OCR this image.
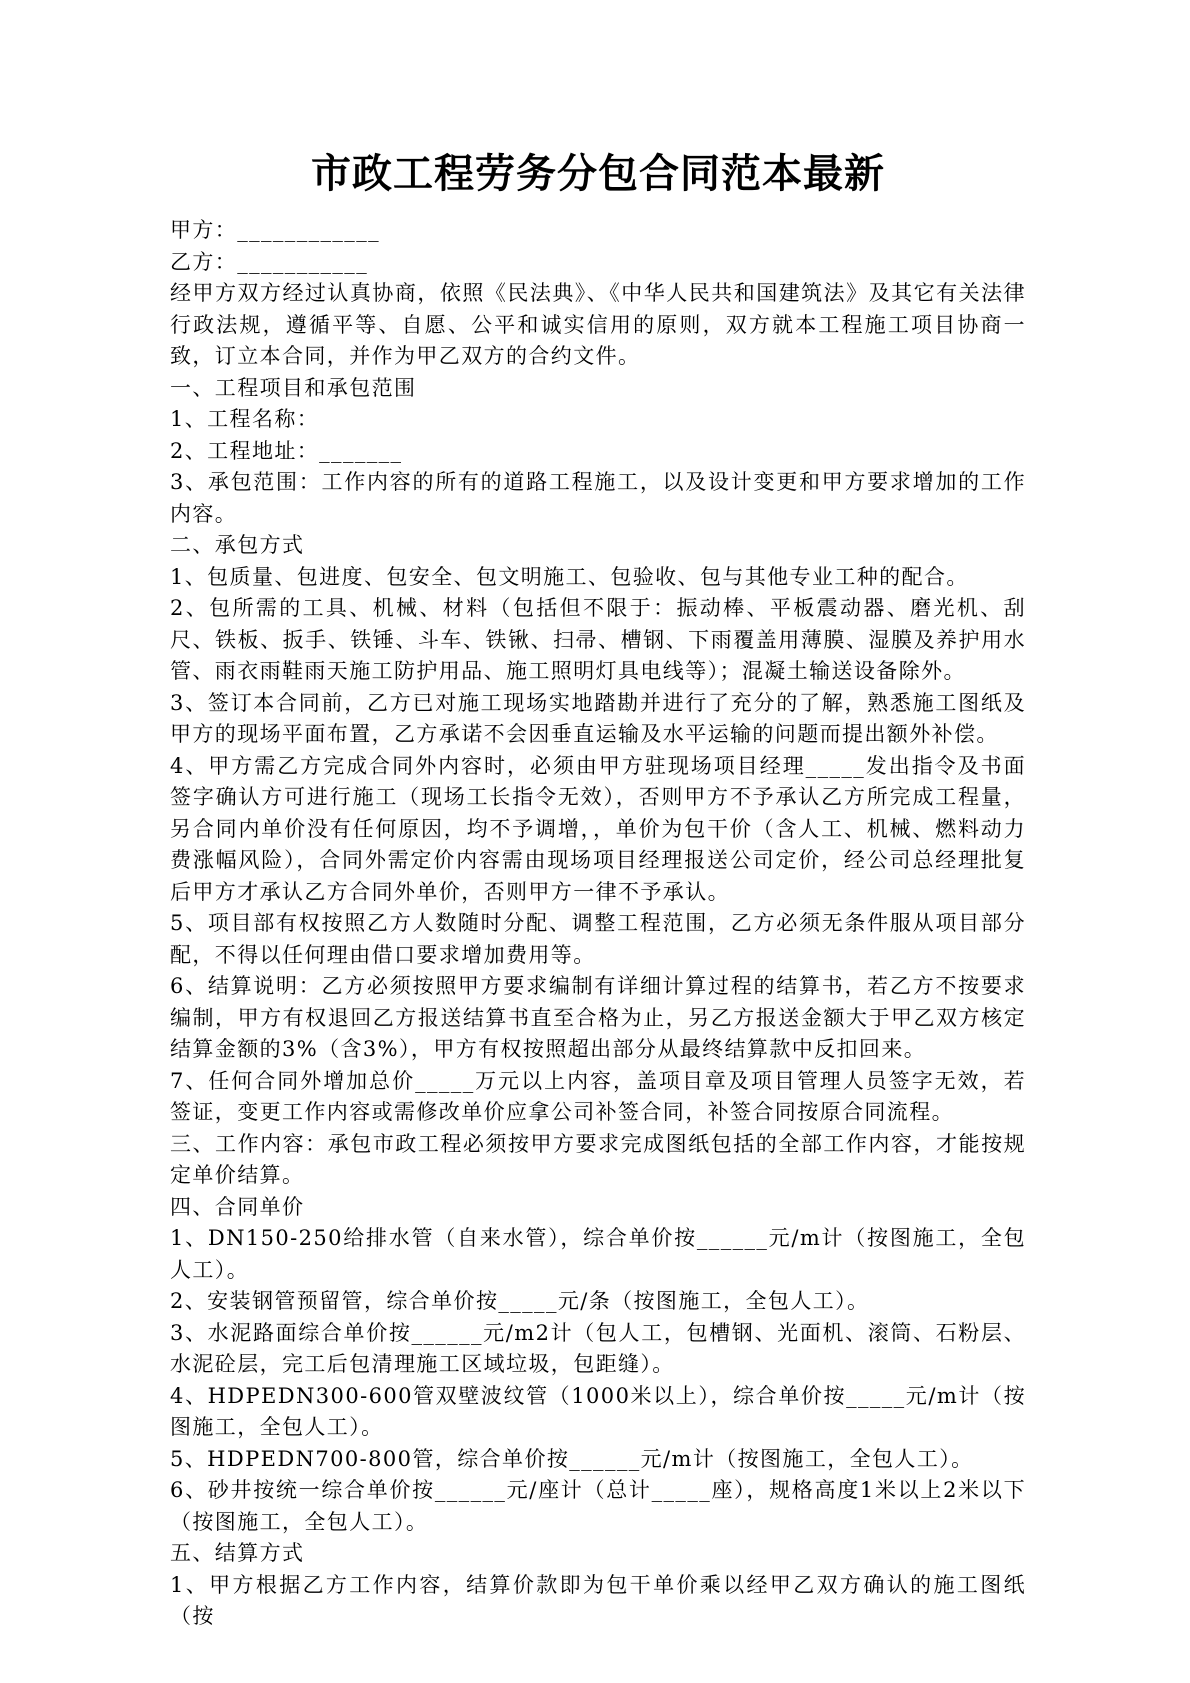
市政工程劳务分包合同范本最新

甲方：____________

乙方：___________

经甲方双方经过认真协商，依照《民法典》、《中华人民共和国建筑法》及其它有关法律行政法规，遵循平等、自愿、公平和诚实信用的原则，双方就本工程施工项目协商一致，订立本合同，并作为甲乙双方的合约文件。

一、工程项目和承包范围

1、工程名称：

2、工程地址：_______

3、承包范围：工作内容的所有的道路工程施工，以及设计变更和甲方要求增加的工作内容。

二、承包方式

1、包质量、包进度、包安全、包文明施工、包验收、包与其他专业工种的配合。

2、包所需的工具、机械、材料（包括但不限于：振动棒、平板震动器、磨光机、刮尺、铁板、扳手、铁锤、斗车、铁锹、扫帚、槽钢、下雨覆盖用薄膜、湿膜及养护用水管、雨衣雨鞋雨天施工防护用品、施工照明灯具电线等）；混凝土输送设备除外。

3、签订本合同前，乙方已对施工现场实地踏勘并进行了充分的了解，熟悉施工图纸及甲方的现场平面布置，乙方承诺不会因垂直运输及水平运输的问题而提出额外补偿。

4、甲方需乙方完成合同外内容时，必须由甲方驻现场项目经理_____发出指令及书面签字确认方可进行施工（现场工长指令无效），否则甲方不予承认乙方所完成工程量，另合同内单价没有任何原因，均不予调增，，单价为包干价（含人工、机械、燃料动力费涨幅风险），合同外需定价内容需由现场项目经理报送公司定价，经公司总经理批复后甲方才承认乙方合同外单价，否则甲方一律不予承认。

5、项目部有权按照乙方人数随时分配、调整工程范围，乙方必须无条件服从项目部分配，不得以任何理由借口要求增加费用等。

6、结算说明：乙方必须按照甲方要求编制有详细计算过程的结算书，若乙方不按要求编制，甲方有权退回乙方报送结算书直至合格为止，另乙方报送金额大于甲乙双方核定结算金额的3%（含3%），甲方有权按照超出部分从最终结算款中反扣回来。

7、任何合同外增加总价_____万元以上内容，盖项目章及项目管理人员签字无效，若签证，变更工作内容或需修改单价应拿公司补签合同，补签合同按原合同流程。

三、工作内容：承包市政工程必须按甲方要求完成图纸包括的全部工作内容，才能按规定单价结算。

四、合同单价

1、DN150-250给排水管（自来水管），综合单价按______元/m计（按图施工，全包人工）。

2、安装钢管预留管，综合单价按_____元/条（按图施工，全包人工）。

3、水泥路面综合单价按______元/m2计（包人工，包槽钢、光面机、滚筒、石粉层、水泥砼层，完工后包清理施工区域垃圾，包距缝）。

4、HDPEDN300-600管双壁波纹管（1000米以上），综合单价按_____元/m计（按图施工，全包人工）。

5、HDPEDN700-800管，综合单价按______元/m计（按图施工，全包人工）。

6、砂井按统一综合单价按______元/座计（总计_____座），规格高度1米以上2米以下（按图施工，全包人工）。

五、结算方式

1、甲方根据乙方工作内容，结算价款即为包干单价乘以经甲乙双方确认的施工图纸（按
